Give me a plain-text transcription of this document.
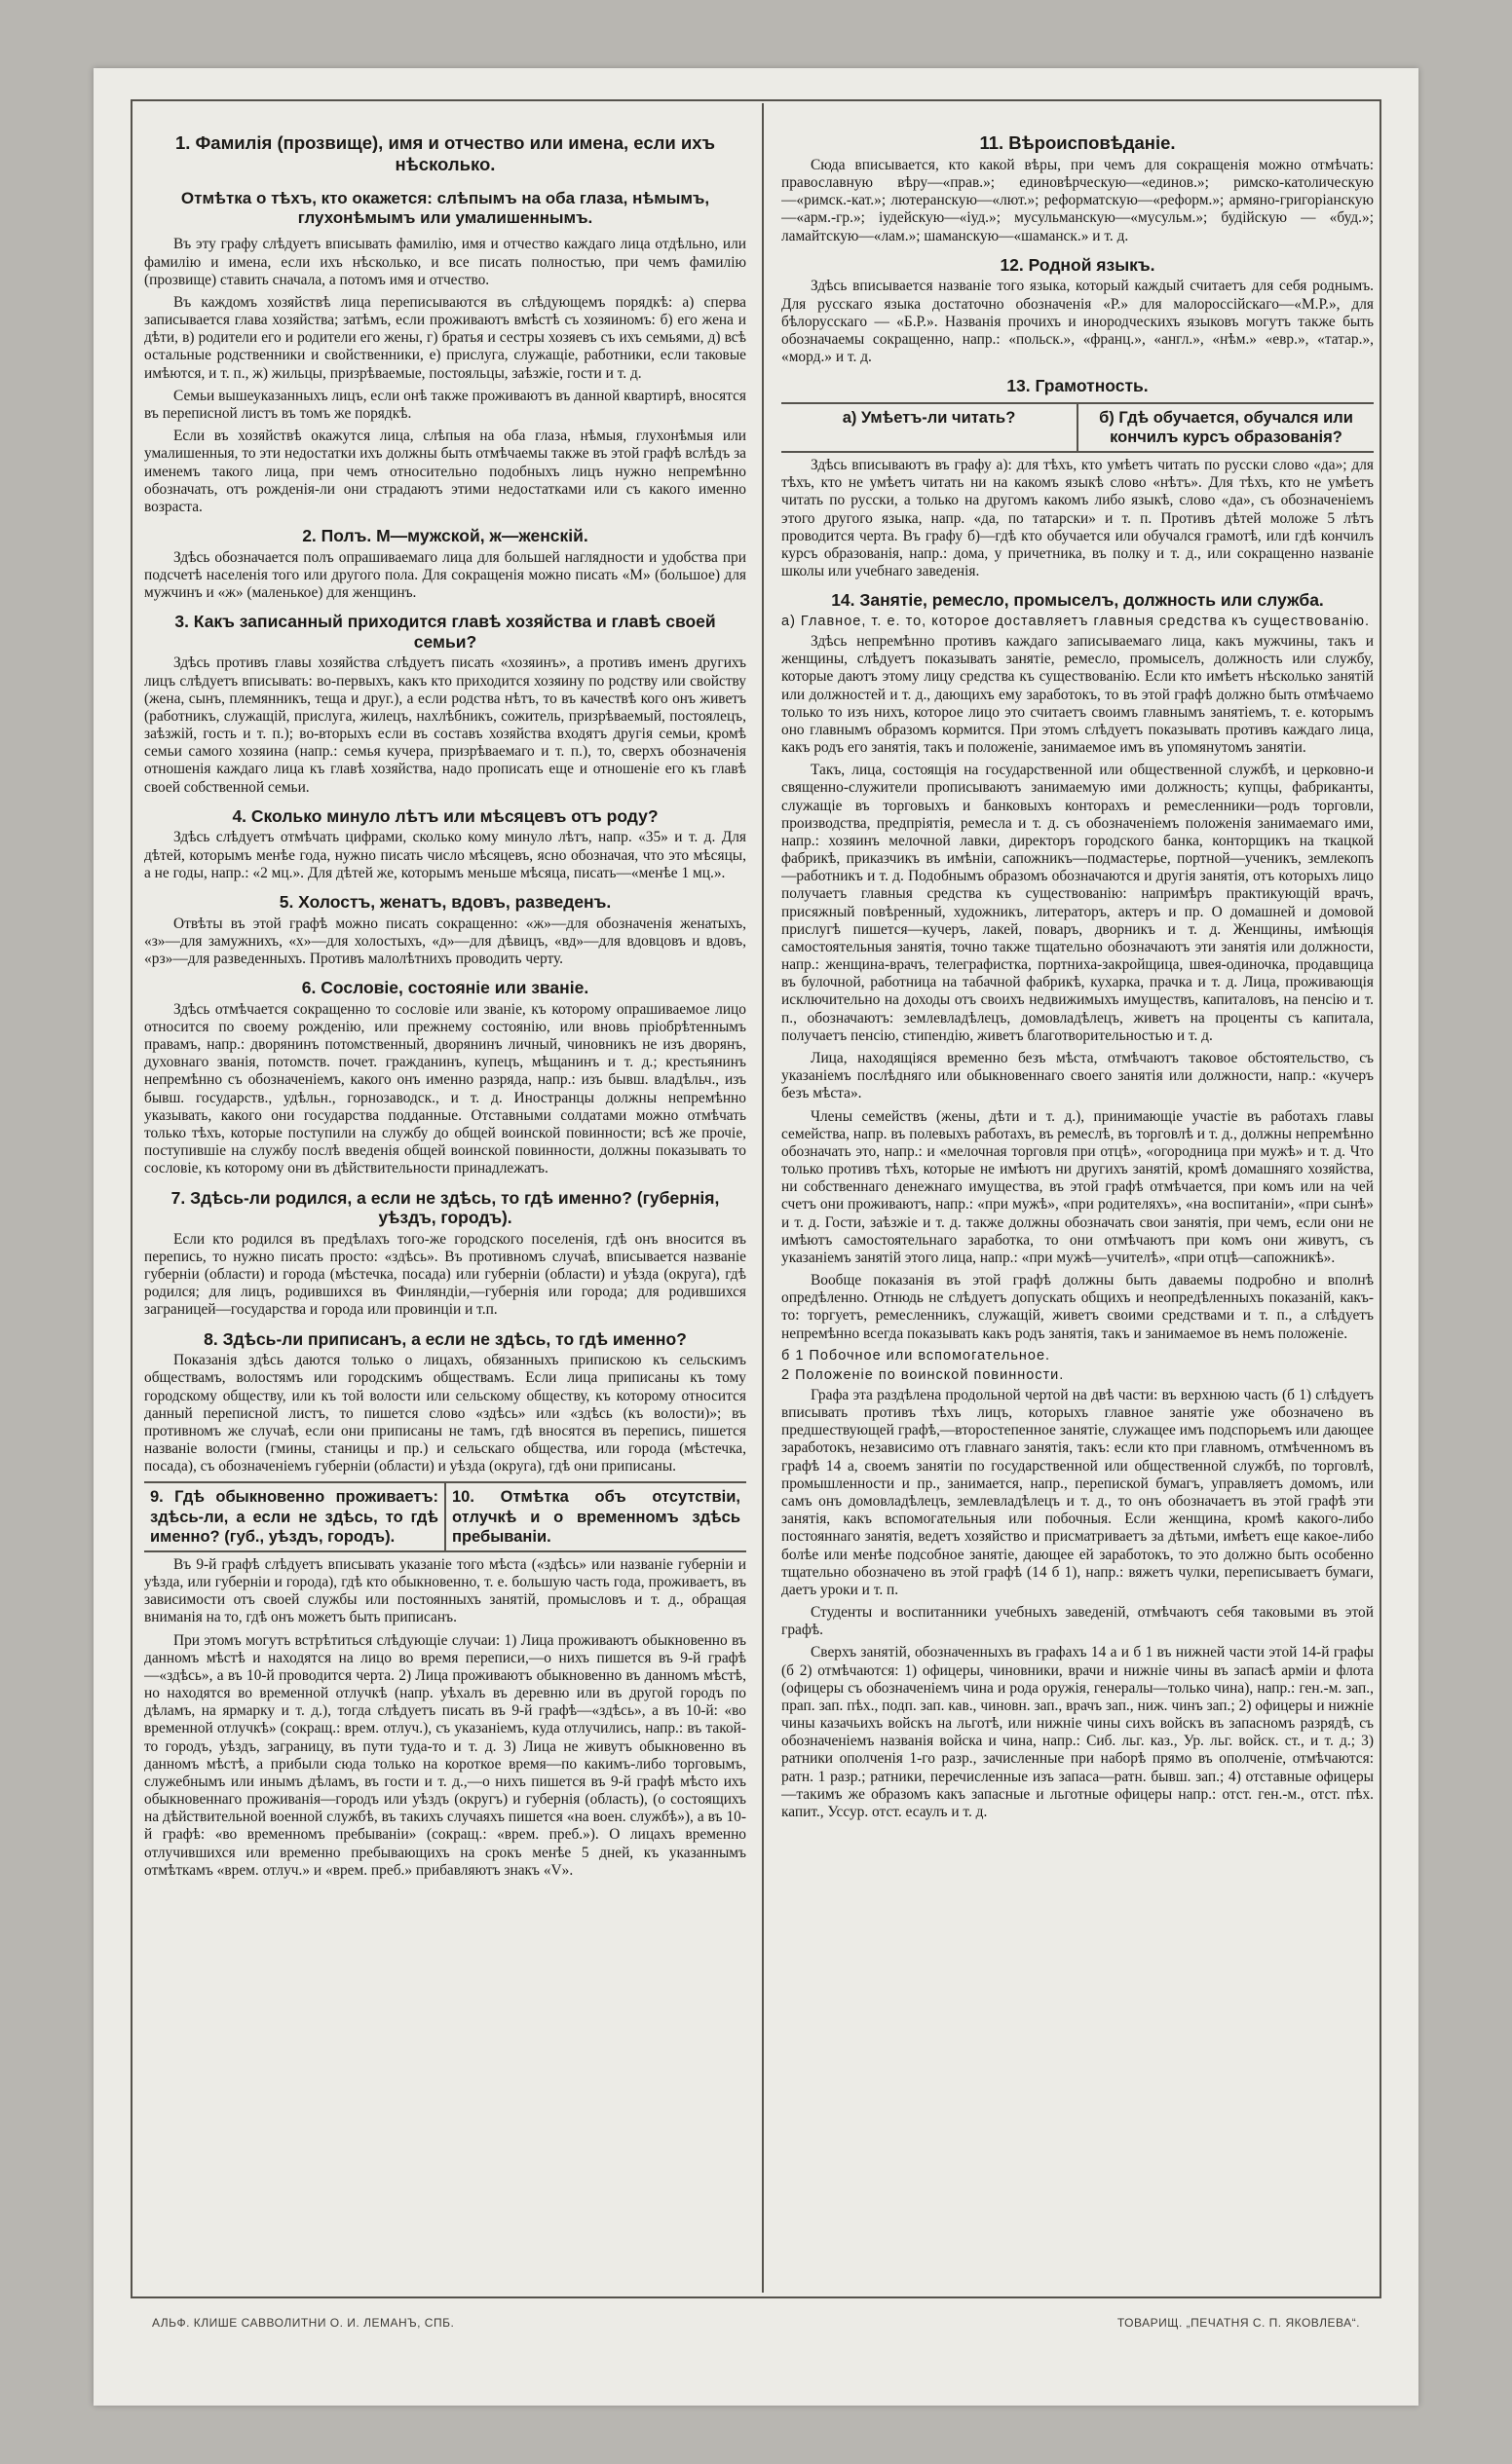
1. Фамилія (прозвище), имя и отчество или имена, если ихъ нѣсколько.
Отмѣтка о тѣхъ, кто окажется: слѣпымъ на оба глаза, нѣмымъ, глухонѣмымъ или умалишеннымъ.

Въ эту графу слѣдуетъ вписывать фамилію, имя и отчество каждаго лица отдѣльно, или фамилію и имена, если ихъ нѣсколько, и все писать полностью, при чемъ фамилію (прозвище) ставить сначала, а потомъ имя и отчество.

Въ каждомъ хозяйствѣ лица переписываются въ слѣдующемъ порядкѣ: а) сперва записывается глава хозяйства; затѣмъ, если проживаютъ вмѣстѣ съ хозяиномъ: б) его жена и дѣти, в) родители его и родители его жены, г) братья и сестры хозяевъ съ ихъ семьями, д) всѣ остальные родственники и свойственники, е) прислуга, служащіе, работники, если таковые имѣются, и т. п., ж) жильцы, призрѣваемые, постояльцы, заѣзжіе, гости и т. д.

Семьи вышеуказанныхъ лицъ, если онѣ также проживаютъ въ данной квартирѣ, вносятся въ переписной листъ въ томъ же порядкѣ.

Если въ хозяйствѣ окажутся лица, слѣпыя на оба глаза, нѣмыя, глухонѣмыя или умалишенныя, то эти недостатки ихъ должны быть отмѣчаемы также въ этой графѣ вслѣдъ за именемъ такого лица, при чемъ относительно подобныхъ лицъ нужно непремѣнно обозначать, отъ рожденія-ли они страдаютъ этими недостатками или съ какого именно возраста.

2. Полъ. М—мужской, ж—женскій.

Здѣсь обозначается полъ опрашиваемаго лица для большей наглядности и удобства при подсчетѣ населенія того или другого пола. Для сокращенія можно писать «М» (большое) для мужчинъ и «ж» (маленькое) для женщинъ.

3. Какъ записанный приходится главѣ хозяйства и главѣ своей семьи?

Здѣсь противъ главы хозяйства слѣдуетъ писать «хозяинъ», а противъ именъ другихъ лицъ слѣдуетъ вписывать: во-первыхъ, какъ кто приходится хозяину по родству или свойству (жена, сынъ, племянникъ, теща и друг.), а если родства нѣтъ, то въ качествѣ кого онъ живетъ (работникъ, служащій, прислуга, жилецъ, нахлѣбникъ, сожитель, призрѣваемый, постоялецъ, заѣзжій, гость и т. п.); во-вторыхъ если въ составъ хозяйства входятъ другія семьи, кромѣ семьи самого хозяина (напр.: семья кучера, призрѣваемаго и т. п.), то, сверхъ обозначенія отношенія каждаго лица къ главѣ хозяйства, надо прописать еще и отношеніе его къ главѣ своей собственной семьи.

4. Сколько минуло лѣтъ или мѣсяцевъ отъ роду?

Здѣсь слѣдуетъ отмѣчать цифрами, сколько кому минуло лѣтъ, напр. «35» и т. д. Для дѣтей, которымъ менѣе года, нужно писать число мѣсяцевъ, ясно обозначая, что это мѣсяцы, а не годы, напр.: «2 мц.». Для дѣтей же, которымъ меньше мѣсяца, писать—«менѣе 1 мц.».

5. Холостъ, женатъ, вдовъ, разведенъ.

Отвѣты въ этой графѣ можно писать сокращенно: «ж»—для обозначенія женатыхъ, «з»—для замужнихъ, «х»—для холостыхъ, «д»—для дѣвицъ, «вд»—для вдовцовъ и вдовъ, «рз»—для разведенныхъ. Противъ малолѣтнихъ проводить черту.

6. Сословіе, состояніе или званіе.

Здѣсь отмѣчается сокращенно то сословіе или званіе, къ которому опрашиваемое лицо относится по своему рожденію, или прежнему состоянію, или вновь пріобрѣтеннымъ правамъ, напр.: дворянинъ потомственный, дворянинъ личный, чиновникъ не изъ дворянъ, духовнаго званія, потомств. почет. гражданинъ, купецъ, мѣщанинъ и т. д.; крестьянинъ непремѣнно съ обозначеніемъ, какого онъ именно разряда, напр.: изъ бывш. владѣльч., изъ бывш. государств., удѣльн., горнозаводск., и т. д. Иностранцы должны непремѣнно указывать, какого они государства подданные. Отставными солдатами можно отмѣчать только тѣхъ, которые поступили на службу до общей воинской повинности; всѣ же прочіе, поступившіе на службу послѣ введенія общей воинской повинности, должны показывать то сословіе, къ которому они въ дѣйствительности принадлежатъ.

7. Здѣсь-ли родился, а если не здѣсь, то гдѣ именно? (губернія, уѣздъ, городъ).

Если кто родился въ предѣлахъ того-же городского поселенія, гдѣ онъ вносится въ перепись, то нужно писать просто: «здѣсь». Въ противномъ случаѣ, вписывается названіе губерніи (области) и города (мѣстечка, посада) или губерніи (области) и уѣзда (округа), гдѣ родился; для лицъ, родившихся въ Финляндіи,—губернія или города; для родившихся заграницей—государства и города или провинціи и т.п.

8. Здѣсь-ли приписанъ, а если не здѣсь, то гдѣ именно?

Показанія здѣсь даются только о лицахъ, обязанныхъ припискою къ сельскимъ обществамъ, волостямъ или городскимъ обществамъ. Если лица приписаны къ тому городскому обществу, или къ той волости или сельскому обществу, къ которому относится данный переписной листъ, то пишется слово «здѣсь» или «здѣсь (къ волости)»; въ противномъ же случаѣ, если они приписаны не тамъ, гдѣ вносятся въ перепись, пишется названіе волости (гмины, станицы и пр.) и сельскаго общества, или города (мѣстечка, посада), съ обозначеніемъ губерніи (области) и уѣзда (округа), гдѣ они приписаны.

9. Гдѣ обыкновенно проживаетъ: здѣсь-ли, а если не здѣсь, то гдѣ именно? (губ., уѣздъ, городъ).
10. Отмѣтка объ отсутствіи, отлучкѣ и о временномъ здѣсь пребываніи.

Въ 9-й графѣ слѣдуетъ вписывать указаніе того мѣста («здѣсь» или названіе губерніи и уѣзда, или губерніи и города), гдѣ кто обыкновенно, т. е. большую часть года, проживаетъ, въ зависимости отъ своей службы или постоянныхъ занятій, промысловъ и т. д., обращая вниманія на то, гдѣ онъ можетъ быть приписанъ.

При этомъ могутъ встрѣтиться слѣдующіе случаи: 1) Лица проживаютъ обыкновенно въ данномъ мѣстѣ и находятся на лицо во время переписи,—о нихъ пишется въ 9-й графѣ—«здѣсь», а въ 10-й проводится черта. 2) Лица проживаютъ обыкновенно въ данномъ мѣстѣ, но находятся во временной отлучкѣ (напр. уѣхалъ въ деревню или въ другой городъ по дѣламъ, на ярмарку и т. д.), тогда слѣдуетъ писать въ 9-й графѣ—«здѣсь», а въ 10-й: «во временной отлучкѣ» (сокращ.: врем. отлуч.), съ указаніемъ, куда отлучились, напр.: въ такой-то городъ, уѣздъ, заграницу, въ пути туда-то и т. д. 3) Лица не живутъ обыкновенно въ данномъ мѣстѣ, а прибыли сюда только на короткое время—по какимъ-либо торговымъ, служебнымъ или инымъ дѣламъ, въ гости и т. д.,—о нихъ пишется въ 9-й графѣ мѣсто ихъ обыкновеннаго проживанія—городъ или уѣздъ (округъ) и губернія (область), (о состоящихъ на дѣйствительной военной службѣ, въ такихъ случаяхъ пишется «на воен. службѣ»), а въ 10-й графѣ: «во временномъ пребываніи» (сокращ.: «врем. преб.»). О лицахъ временно отлучившихся или временно пребывающихъ на срокъ менѣе 5 дней, къ указаннымъ отмѣткамъ «врем. отлуч.» и «врем. преб.» прибавляютъ знакъ «V».

11. Вѣроисповѣданіе.

Сюда вписывается, кто какой вѣры, при чемъ для сокращенія можно отмѣчать: православную вѣру—«прав.»; единовѣрческую—«единов.»; римско-католическую—«римск.-кат.»; лютеранскую—«лют.»; реформатскую—«реформ.»; армяно-григоріанскую—«арм.-гр.»; іудейскую—«іуд.»; мусульманскую—«мусульм.»; будійскую — «буд.»; ламайтскую—«лам.»; шаманскую—«шаманск.» и т. д.

12. Родной языкъ.

Здѣсь вписывается названіе того языка, который каждый считаетъ для себя роднымъ. Для русскаго языка достаточно обозначенія «Р.» для малороссійскаго—«М.Р.», для бѣлорусскаго — «Б.Р.». Названія прочихъ и инородческихъ языковъ могутъ также быть обозначаемы сокращенно, напр.: «польск.», «франц.», «англ.», «нѣм.» «евр.», «татар.», «морд.» и т. д.

13. Грамотность.
а) Умѣетъ-ли читать?	б) Гдѣ обучается, обучался или кончилъ курсъ образованія?

Здѣсь вписываютъ въ графу а): для тѣхъ, кто умѣетъ читать по русски слово «да»; для тѣхъ, кто не умѣетъ читать ни на какомъ языкѣ слово «нѣтъ». Для тѣхъ, кто не умѣетъ читать по русски, а только на другомъ какомъ либо языкѣ, слово «да», съ обозначеніемъ этого другого языка, напр. «да, по татарски» и т. п. Противъ дѣтей моложе 5 лѣтъ проводится черта. Въ графу б)—гдѣ кто обучается или обучался грамотѣ, или гдѣ кончилъ курсъ образованія, напр.: дома, у причетника, въ полку и т. д., или сокращенно названіе школы или учебнаго заведенія.

14. Занятіе, ремесло, промыселъ, должность или служба.
а) Главное, т. е. то, которое доставляетъ главныя средства къ существованію.

Здѣсь непремѣнно противъ каждаго записываемаго лица, какъ мужчины, такъ и женщины, слѣдуетъ показывать занятіе, ремесло, промыселъ, должность или службу, которые даютъ этому лицу средства къ существованію. Если кто имѣетъ нѣсколько занятій или должностей и т. д., дающихъ ему заработокъ, то въ этой графѣ должно быть отмѣчаемо только то изъ нихъ, которое лицо это считаетъ своимъ главнымъ занятіемъ, т. е. которымъ оно главнымъ образомъ кормится. При этомъ слѣдуетъ показывать противъ каждаго лица, какъ родъ его занятія, такъ и положеніе, занимаемое имъ въ упомянутомъ занятіи.

Такъ, лица, состоящія на государственной или общественной службѣ, и церковно-и священно-служители прописываютъ занимаемую ими должность; купцы, фабриканты, служащіе въ торговыхъ и банковыхъ конторахъ и ремесленники—родъ торговли, производства, предпріятія, ремесла и т. д. съ обозначеніемъ положенія занимаемаго ими, напр.: хозяинъ мелочной лавки, директоръ городского банка, конторщикъ на ткацкой фабрикѣ, приказчикъ въ имѣніи, сапожникъ—подмастерье, портной—ученикъ, землекопъ—работникъ и т. д. Подобнымъ образомъ обозначаются и другія занятія, отъ которыхъ лицо получаетъ главныя средства къ существованію: напримѣръ практикующій врачъ, присяжный повѣренный, художникъ, литераторъ, актеръ и пр. О домашней и домовой прислугѣ пишется—кучеръ, лакей, поваръ, дворникъ и т. д. Женщины, имѣющія самостоятельныя занятія, точно также тщательно обозначаютъ эти занятія или должности, напр.: женщина-врачъ, телеграфистка, портниха-закройщица, швея-одиночка, продавщица въ булочной, работница на табачной фабрикѣ, кухарка, прачка и т. д. Лица, проживающія исключительно на доходы отъ своихъ недвижимыхъ имуществъ, капиталовъ, на пенсію и т. п., обозначаютъ: землевладѣлецъ, домовладѣлецъ, живетъ на проценты съ капитала, получаетъ пенсію, стипендію, живетъ благотворительностью и т. д.

Лица, находящіяся временно безъ мѣста, отмѣчаютъ таковое обстоятельство, съ указаніемъ послѣдняго или обыкновеннаго своего занятія или должности, напр.: «кучеръ безъ мѣста».

Члены семействъ (жены, дѣти и т. д.), принимающіе участіе въ работахъ главы семейства, напр. въ полевыхъ работахъ, въ ремеслѣ, въ торговлѣ и т. д., должны непремѣнно обозначать это, напр.: и «мелочная торговля при отцѣ», «огородница при мужѣ» и т. д. Что только противъ тѣхъ, которые не имѣютъ ни другихъ занятій, кромѣ домашняго хозяйства, ни собственнаго денежнаго имущества, въ этой графѣ отмѣчается, при комъ или на чей счетъ они проживаютъ, напр.: «при мужѣ», «при родителяхъ», «на воспитаніи», «при сынѣ» и т. д. Гости, заѣзжіе и т. д. также должны обозначать свои занятія, при чемъ, если они не имѣютъ самостоятельнаго заработка, то они отмѣчаютъ при комъ они живутъ, съ указаніемъ занятій этого лица, напр.: «при мужѣ—учителѣ», «при отцѣ—сапожникѣ».

Вообще показанія въ этой графѣ должны быть даваемы подробно и вполнѣ опредѣленно. Отнюдь не слѣдуетъ допускать общихъ и неопредѣленныхъ показаній, какъ-то: торгуетъ, ремесленникъ, служащій, живетъ своими средствами и т. п., а слѣдуетъ непремѣнно всегда показывать какъ родъ занятія, такъ и занимаемое въ немъ положеніе.

б 1 Побочное или вспомогательное.
2 Положеніе по воинской повинности.

Графа эта раздѣлена продольной чертой на двѣ части: въ верхнюю часть (б 1) слѣдуетъ вписывать противъ тѣхъ лицъ, которыхъ главное занятіе уже обозначено въ предшествующей графѣ,—второстепенное занятіе, служащее имъ подспорьемъ или дающее заработокъ, независимо отъ главнаго занятія, такъ: если кто при главномъ, отмѣченномъ въ графѣ 14 а, своемъ занятіи по государственной или общественной службѣ, по торговлѣ, промышленности и пр., занимается, напр., перепиской бумагъ, управляетъ домомъ, или самъ онъ домовладѣлецъ, землевладѣлецъ и т. д., то онъ обозначаетъ въ этой графѣ эти занятія, какъ вспомогательныя или побочныя. Если женщина, кромѣ какого-либо постояннаго занятія, ведетъ хозяйство и присматриваетъ за дѣтьми, имѣетъ еще какое-либо болѣе или менѣе подсобное занятіе, дающее ей заработокъ, то это должно быть особенно тщательно обозначено въ этой графѣ (14 б 1), напр.: вяжетъ чулки, переписываетъ бумаги, даетъ уроки и т. п.

Студенты и воспитанники учебныхъ заведеній, отмѣчаютъ себя таковыми въ этой графѣ.

Сверхъ занятій, обозначенныхъ въ графахъ 14 а и б 1 въ нижней части этой 14-й графы (б 2) отмѣчаются: 1) офицеры, чиновники, врачи и нижніе чины въ запасѣ арміи и флота (офицеры съ обозначеніемъ чина и рода оружія, генералы—только чина), напр.: ген.-м. зап., прап. зап. пѣх., подп. зап. кав., чиновн. зап., врачъ зап., ниж. чинъ зап.; 2) офицеры и нижніе чины казачьихъ войскъ на льготѣ, или нижніе чины сихъ войскъ въ запасномъ разрядѣ, съ обозначеніемъ названія войска и чина, напр.: Сиб. льг. каз., Ур. льг. войск. ст., и т. д.; 3) ратники ополченія 1-го разр., зачисленные при наборѣ прямо въ ополченіе, отмѣчаются: ратн. 1 разр.; ратники, перечисленные изъ запаса—ратн. бывш. зап.; 4) отставные офицеры—такимъ же образомъ какъ запасные и льготные офицеры напр.: отст. ген.-м., отст. пѣх. капит., Уссур. отст. есаулъ и т. д.

АЛЬФ. КЛИШЕ САВВОЛИТНИ О. И. ЛЕМАНЪ, СПБ.	ТОВАРИЩ. „ПЕЧАТНЯ С. П. ЯКОВЛЕВА“.
